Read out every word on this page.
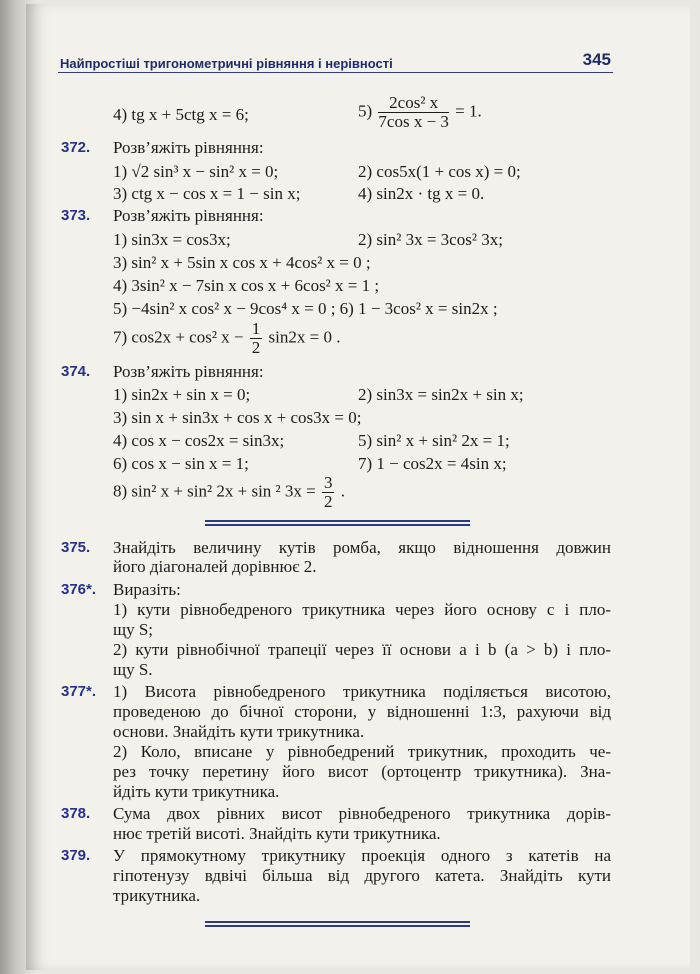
Найпростіші тригонометричні рівняння і нерівності	345
4) tg x + 5ctg x = 6;	$5) \frac{\text{2cos² x}}{\text{7cos x − 3}} = 1$.
372. Розв’яжіть рівняння:
1) √2 sin³ x − sin² x = 0;	2) cos5x(1 + cos x) = 0;
3) ctg x − cos x = 1 − sin x;	4) sin2x · tg x = 0.
373. Розв’яжіть рівняння:
1) sin3x = cos3x;	2) sin² 3x = 3cos² 3x;
3) sin² x + 5sin x cos x + 4cos² x = 0 ;
4) 3sin² x − 7sin x cos x + 6cos² x = 1 ;
5) −4sin² x cos² x − 9cos⁴ x = 0 ; 6) 1 − 3cos² x = sin2x ;
7) cos2x + cos² $x - \frac{1}{2} \sin 2x = 0$ .
374. Розв’яжіть рівняння:
1) sin2x + sin x = 0;	2) sin3x = sin2x + sin x;
3) sin x + sin3x + cos x + cos3x = 0;
4) cos x − cos2x = sin3x;	5) sin² x + sin² 2x = 1;
6) cos x − sin x = 1;	7) 1 − cos2x = 4sin x;
8) sin² x + sin² 2x + sin ² $3x = \frac{3}{2}$ .
375. Знайдіть величину кутів ромба, якщо відношення довжин
його діагоналей дорівнює 2.
376*. Виразіть:
1) кути рівнобедреного трикутника через його основу c і пло-
щу S;
2) кути рівнобічної трапеції через її основи a і b (a > b) і пло-
щу S.
377*. 1) Висота рівнобедреного трикутника поділяється висотою,
проведеною до бічної сторони, у відношенні 1:3, рахуючи від
основи. Знайдіть кути трикутника.
2) Коло, вписане у рівнобедрений трикутник, проходить че-
рез точку перетину його висот (ортоцентр трикутника). Зна-
йдіть кути трикутника.
378. Сума двох рівних висот рівнобедреного трикутника дорів-
нює третій висоті. Знайдіть кути трикутника.
379. У прямокутному трикутнику проекція одного з катетів на
гіпотенузу вдвічі більша від другого катета. Знайдіть кути
трикутника.
